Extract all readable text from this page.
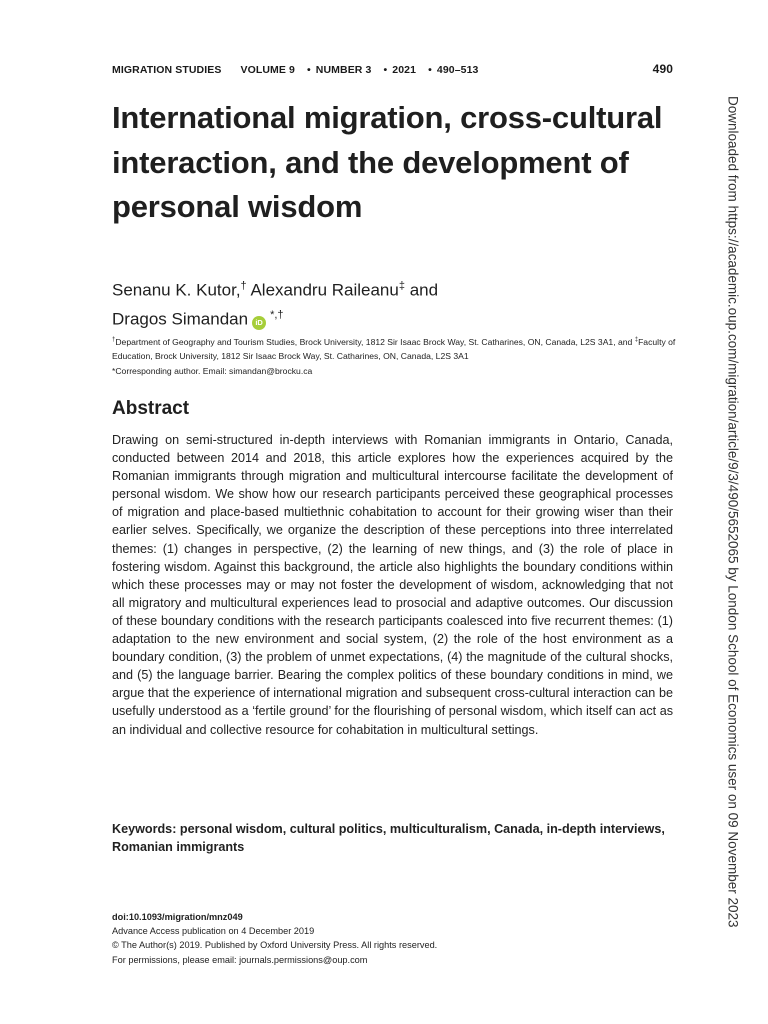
MIGRATION STUDIES VOLUME 9 • NUMBER 3 • 2021 • 490–513	490
International migration, cross-cultural interaction, and the development of personal wisdom
Senanu K. Kutor,† Alexandru Raileanu‡ and
Dragos Simandan iD*,†
†Department of Geography and Tourism Studies, Brock University, 1812 Sir Isaac Brock Way, St. Catharines, ON, Canada, L2S 3A1, and ‡Faculty of Education, Brock University, 1812 Sir Isaac Brock Way, St. Catharines, ON, Canada, L2S 3A1
*Corresponding author. Email: simandan@brocku.ca
Abstract

Drawing on semi-structured in-depth interviews with Romanian immigrants in Ontario, Canada, conducted between 2014 and 2018, this article explores how the experiences acquired by the Romanian immigrants through migration and multicultural intercourse facilitate the development of personal wisdom. We show how our research participants perceived these geographical processes of migration and place-based multiethnic cohabitation to account for their growing wiser than their earlier selves. Specifically, we organize the description of these perceptions into three interrelated themes: (1) changes in perspective, (2) the learning of new things, and (3) the role of place in fostering wisdom. Against this background, the article also highlights the boundary conditions within which these processes may or may not foster the development of wisdom, acknowledging that not all migratory and multicultural experiences lead to prosocial and adaptive outcomes. Our discussion of these boundary conditions with the research participants coalesced into five recurrent themes: (1) adaptation to the new environment and social system, (2) the role of the host environment as a boundary condition, (3) the problem of unmet expectations, (4) the magnitude of the cultural shocks, and (5) the language barrier. Bearing the complex politics of these boundary conditions in mind, we argue that the experience of international migration and subsequent cross-cultural interaction can be usefully understood as a ‘fertile ground’ for the flourishing of personal wisdom, which itself can act as an individual and collective resource for cohabitation in multicultural settings.

Keywords: personal wisdom, cultural politics, multiculturalism, Canada, in-depth interviews, Romanian immigrants
doi:10.1093/migration/mnz049
Advance Access publication on 4 December 2019
© The Author(s) 2019. Published by Oxford University Press. All rights reserved.
For permissions, please email: journals.permissions@oup.com
Downloaded from https://academic.oup.com/migration/article/9/3/490/5652065 by London School of Economics user on 09 November 2023
